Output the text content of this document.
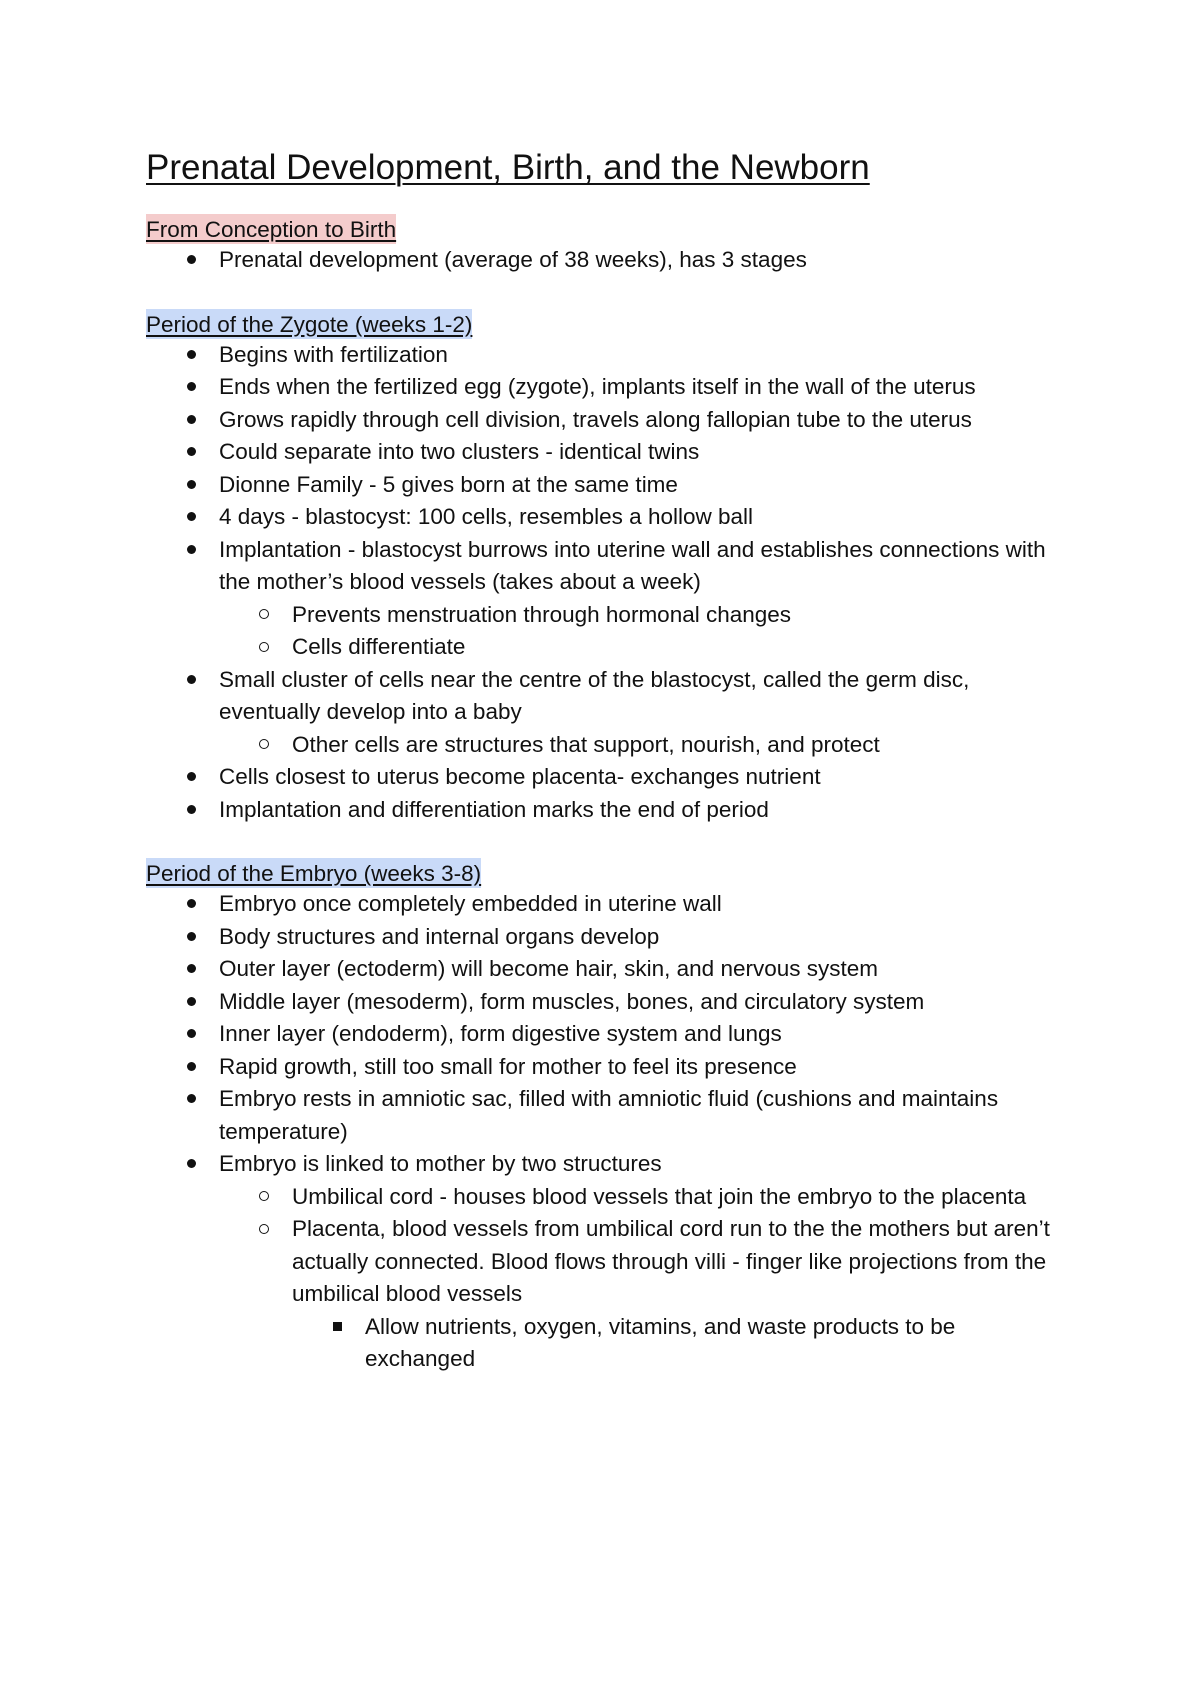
Prenatal Development, Birth, and the Newborn
From Conception to Birth
Prenatal development (average of 38 weeks), has 3 stages
Period of the Zygote (weeks 1-2)
Begins with fertilization
Ends when the fertilized egg (zygote), implants itself in the wall of the uterus
Grows rapidly through cell division, travels along fallopian tube to the uterus
Could separate into two clusters - identical twins
Dionne Family - 5 gives born at the same time
4 days - blastocyst: 100 cells, resembles a hollow ball
Implantation - blastocyst burrows into uterine wall and establishes connections with the mother’s blood vessels (takes about a week)
Prevents menstruation through hormonal changes
Cells differentiate
Small cluster of cells near the centre of the blastocyst, called the germ disc, eventually develop into a baby
Other cells are structures that support, nourish, and protect
Cells closest to uterus become placenta- exchanges nutrient
Implantation and differentiation marks the end of period
Period of the Embryo (weeks 3-8)
Embryo once completely embedded in uterine wall
Body structures and internal organs develop
Outer layer (ectoderm) will become hair, skin, and nervous system
Middle layer (mesoderm), form muscles, bones, and circulatory system
Inner layer (endoderm), form digestive system and lungs
Rapid growth, still too small for mother to feel its presence
Embryo rests in amniotic sac, filled with amniotic fluid (cushions and maintains temperature)
Embryo is linked to mother by two structures
Umbilical cord - houses blood vessels that join the embryo to the placenta
Placenta, blood vessels from umbilical cord run to the the mothers but aren’t actually connected. Blood flows through villi - finger like projections from the umbilical blood vessels
Allow nutrients, oxygen, vitamins, and waste products to be exchanged
